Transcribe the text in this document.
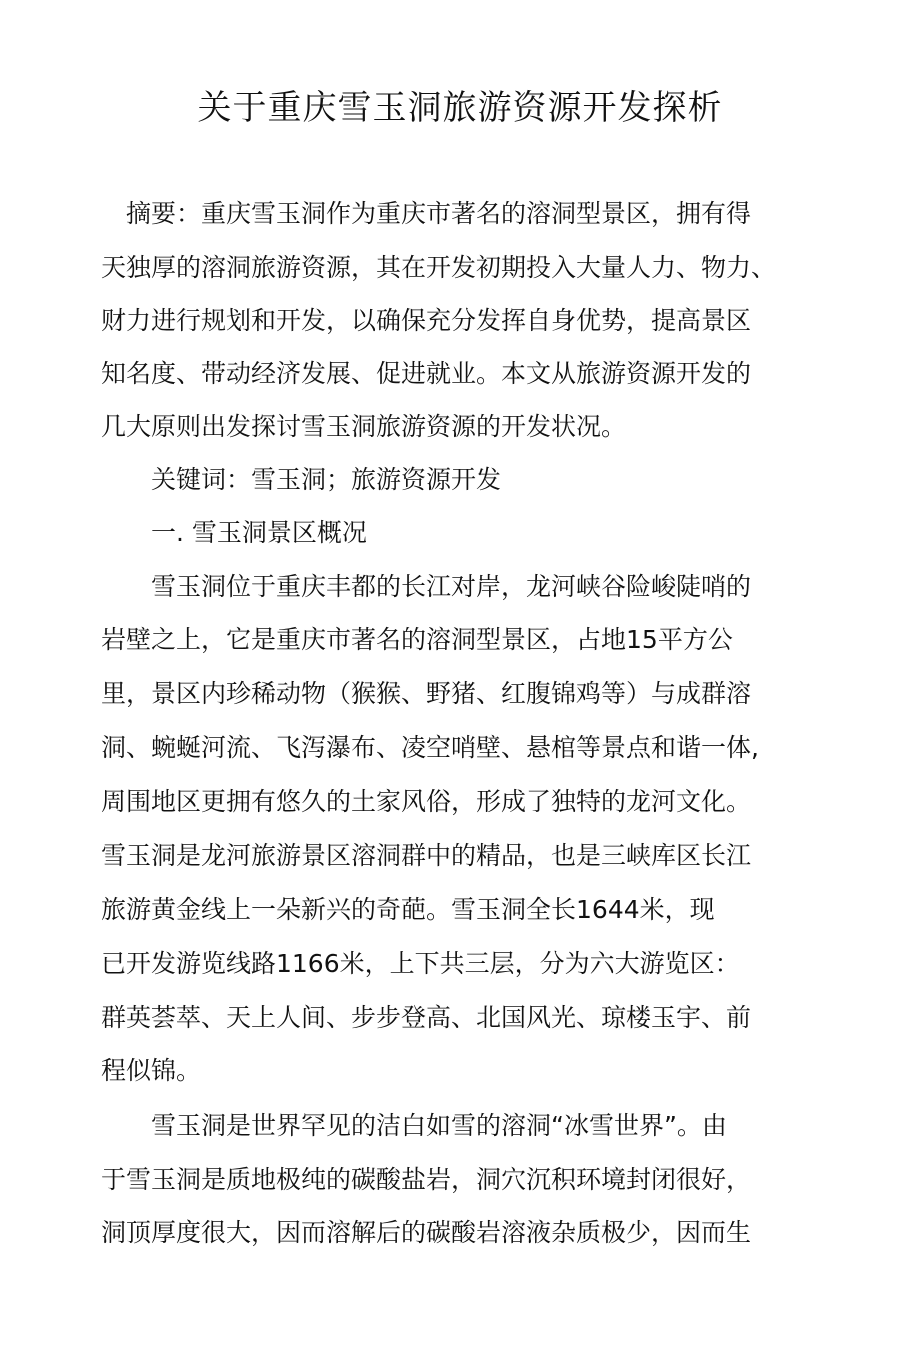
关于重庆雪玉洞旅游资源开发探析

　摘要：重庆雪玉洞作为重庆市著名的溶洞型景区，拥有得

天独厚的溶洞旅游资源，其在开发初期投入大量人力、物力、

财力进行规划和开发，以确保充分发挥自身优势，提高景区

知名度、带动经济发展、促进就业。本文从旅游资源开发的

几大原则出发探讨雪玉洞旅游资源的开发状况。

　　关键词：雪玉洞；旅游资源开发

　　一. 雪玉洞景区概况

　　雪玉洞位于重庆丰都的长江对岸，龙河峡谷险峻陡哨的

岩壁之上，它是重庆市著名的溶洞型景区，占地15平方公

里，景区内珍稀动物（猴猴、野猪、红腹锦鸡等）与成群溶

洞、蜿蜒河流、飞泻瀑布、凌空哨壁、悬棺等景点和谐一体,

周围地区更拥有悠久的土家风俗，形成了独特的龙河文化。

雪玉洞是龙河旅游景区溶洞群中的精品，也是三峡库区长江

旅游黄金线上一朵新兴的奇葩。雪玉洞全长1644米，现

已开发游览线路1166米，上下共三层，分为六大游览区：

群英荟萃、天上人间、步步登高、北国风光、琼楼玉宇、前

程似锦。

　　雪玉洞是世界罕见的洁白如雪的溶洞“冰雪世界”。由

于雪玉洞是质地极纯的碳酸盐岩，洞穴沉积环境封闭很好，

洞顶厚度很大，因而溶解后的碳酸岩溶液杂质极少，因而生
